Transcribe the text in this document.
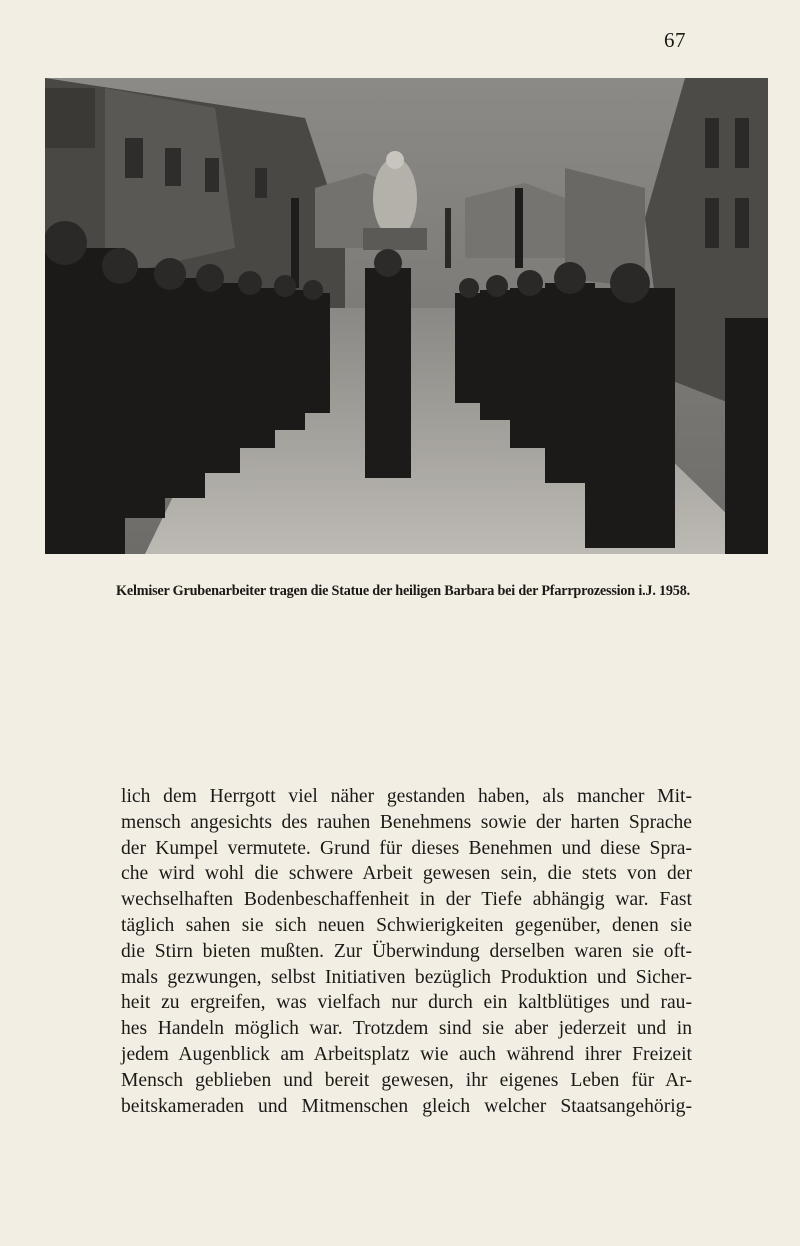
67
Kelmiser Grubenarbeiter tragen die Statue der heiligen Barbara bei der Pfarrprozession i.J. 1958.
lich dem Herrgott viel näher gestanden haben, als mancher Mit-
mensch angesichts des rauhen Benehmens sowie der harten Sprache
der Kumpel vermutete. Grund für dieses Benehmen und diese Spra-
che wird wohl die schwere Arbeit gewesen sein, die stets von der
wechselhaften Bodenbeschaffenheit in der Tiefe abhängig war. Fast
täglich sahen sie sich neuen Schwierigkeiten gegenüber, denen sie
die Stirn bieten mußten. Zur Überwindung derselben waren sie oft-
mals gezwungen, selbst Initiativen bezüglich Produktion und Sicher-
heit zu ergreifen, was vielfach nur durch ein kaltblütiges und rau-
hes Handeln möglich war. Trotzdem sind sie aber jederzeit und in
jedem Augenblick am Arbeitsplatz wie auch während ihrer Freizeit
Mensch geblieben und bereit gewesen, ihr eigenes Leben für Ar-
beitskameraden und Mitmenschen gleich welcher Staatsangehörig-
